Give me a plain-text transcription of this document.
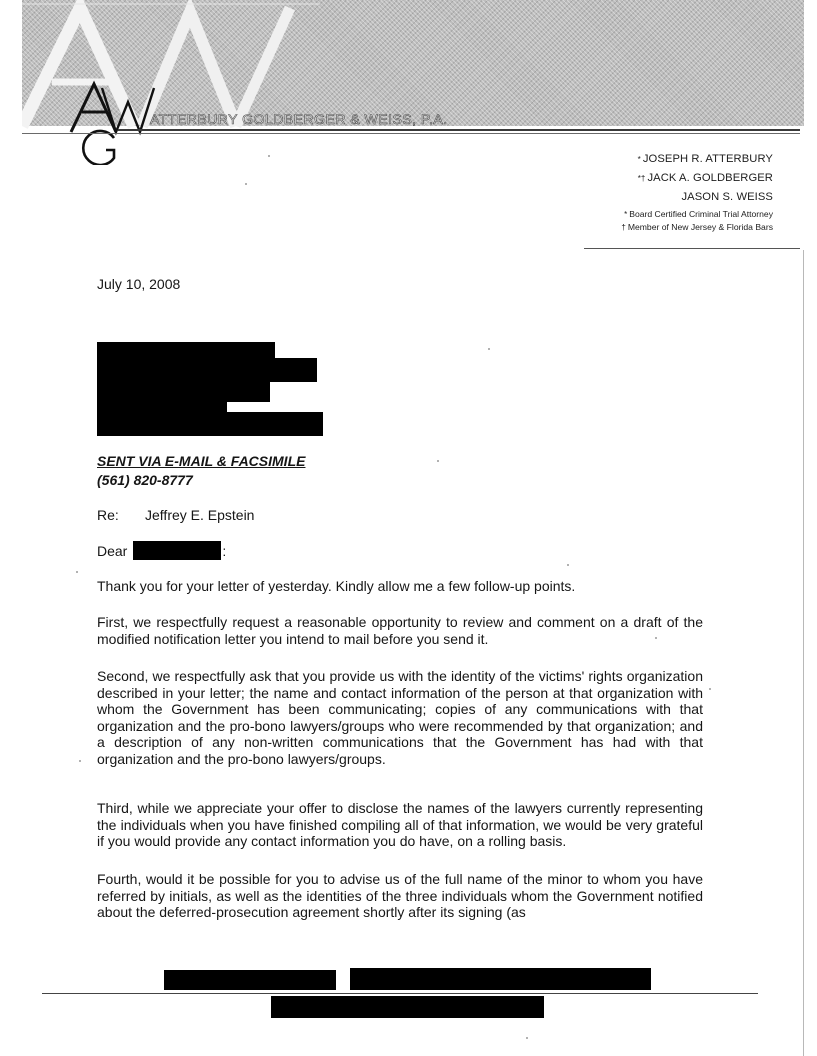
ATTERBURY GOLDBERGER & WEISS, P.A.
* JOSEPH R. ATTERBURY
*† JACK A. GOLDBERGER
JASON S. WEISS
* Board Certified Criminal Trial Attorney
† Member of New Jersey & Florida Bars
July 10, 2008
SENT VIA E-MAIL & FACSIMILE
(561) 820-8777
Re: Jeffrey E. Epstein
Dear	:

Thank you for your letter of yesterday. Kindly allow me a few follow-up points.

First, we respectfully request a reasonable opportunity to review and comment on a draft of the modified notification letter you intend to mail before you send it.

Second, we respectfully ask that you provide us with the identity of the victims' rights organization described in your letter; the name and contact information of the person at that organization with whom the Government has been communicating; copies of any communications with that organization and the pro-bono lawyers/groups who were recommended by that organization; and a description of any non-written communications that the Government has had with that organization and the pro-bono lawyers/groups.

Third, while we appreciate your offer to disclose the names of the lawyers currently representing the individuals when you have finished compiling all of that information, we would be very grateful if you would provide any contact information you do have, on a rolling basis.

Fourth, would it be possible for you to advise us of the full name of the minor to whom you have referred by initials, as well as the identities of the three individuals whom the Government notified about the deferred-prosecution agreement shortly after its signing (as
